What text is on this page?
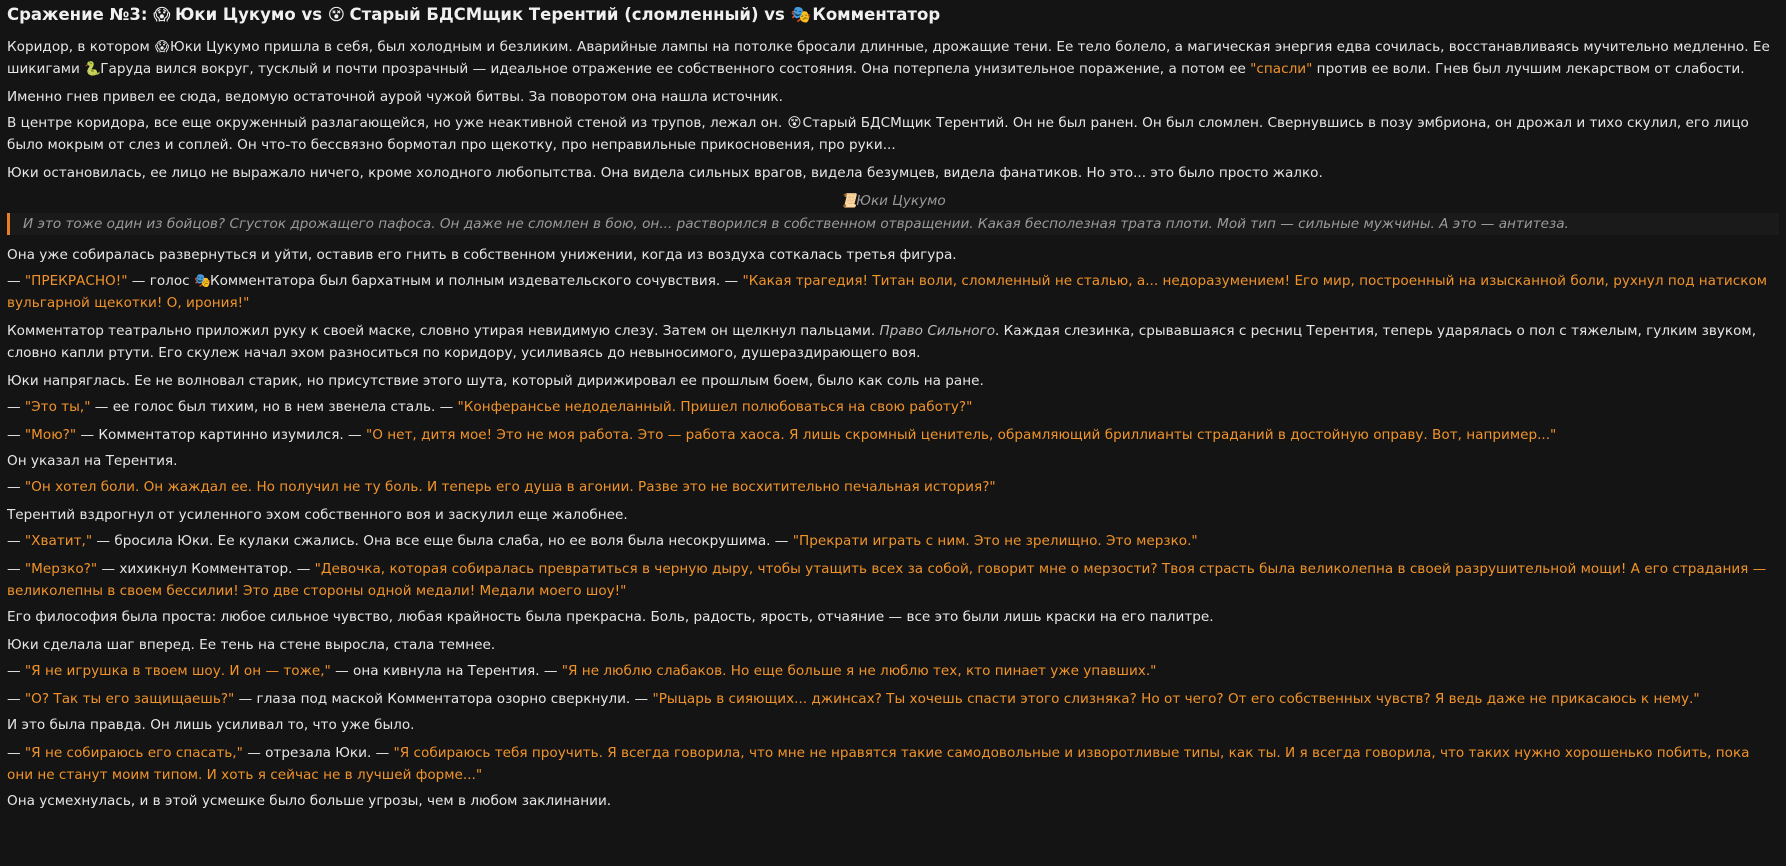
Сражение №3: 😱 Юки Цукумо vs 😵 Старый БДСМщик Терентий (сломленный) vs 🎭 Комментатор

Коридор, в котором 😱Юки Цукумо пришла в себя, был холодным и безликим. Аварийные лампы на потолке бросали длинные, дрожащие тени. Ее тело болело, а магическая энергия едва сочилась, восстанавливаясь мучительно медленно. Ее шикигами 🐍Гаруда вился вокруг, тусклый и почти прозрачный — идеальное отражение ее собственного состояния. Она потерпела унизительное поражение, а потом ее "спасли" против ее воли. Гнев был лучшим лекарством от слабости.

Именно гнев привел ее сюда, ведомую остаточной аурой чужой битвы. За поворотом она нашла источник.

В центре коридора, все еще окруженный разлагающейся, но уже неактивной стеной из трупов, лежал он. 😵Старый БДСМщик Терентий. Он не был ранен. Он был сломлен. Свернувшись в позу эмбриона, он дрожал и тихо скулил, его лицо было мокрым от слез и соплей. Он что-то бессвязно бормотал про щекотку, про неправильные прикосновения, про руки...

Юки остановилась, ее лицо не выражало ничего, кроме холодного любопытства. Она видела сильных врагов, видела безумцев, видела фанатиков. Но это... это было просто жалко.

📜Юки Цукумо
И это тоже один из бойцов? Сгусток дрожащего пафоса. Он даже не сломлен в бою, он... растворился в собственном отвращении. Какая бесполезная трата плоти. Мой тип — сильные мужчины. А это — антитеза.

Она уже собиралась развернуться и уйти, оставив его гнить в собственном унижении, когда из воздуха соткалась третья фигура.

— "ПРЕКРАСНО!" — голос 🎭Комментатора был бархатным и полным издевательского сочувствия. — "Какая трагедия! Титан воли, сломленный не сталью, а... недоразумением! Его мир, построенный на изысканной боли, рухнул под натиском вульгарной щекотки! О, ирония!"

Комментатор театрально приложил руку к своей маске, словно утирая невидимую слезу. Затем он щелкнул пальцами. Право Сильного. Каждая слезинка, срывавшаяся с ресниц Терентия, теперь ударялась о пол с тяжелым, гулким звуком, словно капли ртути. Его скулеж начал эхом разноситься по коридору, усиливаясь до невыносимого, душераздирающего воя.

Юки напряглась. Ее не волновал старик, но присутствие этого шута, который дирижировал ее прошлым боем, было как соль на ране.

— "Это ты," — ее голос был тихим, но в нем звенела сталь. — "Конферансье недоделанный. Пришел полюбоваться на свою работу?"

— "Мою?" — Комментатор картинно изумился. — "О нет, дитя мое! Это не моя работа. Это — работа хаоса. Я лишь скромный ценитель, обрамляющий бриллианты страданий в достойную оправу. Вот, например..."

Он указал на Терентия.

— "Он хотел боли. Он жаждал ее. Но получил не ту боль. И теперь его душа в агонии. Разве это не восхитительно печальная история?"

Терентий вздрогнул от усиленного эхом собственного воя и заскулил еще жалобнее.

— "Хватит," — бросила Юки. Ее кулаки сжались. Она все еще была слаба, но ее воля была несокрушима. — "Прекрати играть с ним. Это не зрелищно. Это мерзко."

— "Мерзко?" — хихикнул Комментатор. — "Девочка, которая собиралась превратиться в черную дыру, чтобы утащить всех за собой, говорит мне о мерзости? Твоя страсть была великолепна в своей разрушительной мощи! А его страдания — великолепны в своем бессилии! Это две стороны одной медали! Медали моего шоу!"

Его философия была проста: любое сильное чувство, любая крайность была прекрасна. Боль, радость, ярость, отчаяние — все это были лишь краски на его палитре.

Юки сделала шаг вперед. Ее тень на стене выросла, стала темнее.

— "Я не игрушка в твоем шоу. И он — тоже," — она кивнула на Терентия. — "Я не люблю слабаков. Но еще больше я не люблю тех, кто пинает уже упавших."

— "О? Так ты его защищаешь?" — глаза под маской Комментатора озорно сверкнули. — "Рыцарь в сияющих... джинсах? Ты хочешь спасти этого слизняка? Но от чего? От его собственных чувств? Я ведь даже не прикасаюсь к нему."

И это была правда. Он лишь усиливал то, что уже было.

— "Я не собираюсь его спасать," — отрезала Юки. — "Я собираюсь тебя проучить. Я всегда говорила, что мне не нравятся такие самодовольные и изворотливые типы, как ты. И я всегда говорила, что таких нужно хорошенько побить, пока они не станут моим типом. И хоть я сейчас не в лучшей форме..."

Она усмехнулась, и в этой усмешке было больше угрозы, чем в любом заклинании.
